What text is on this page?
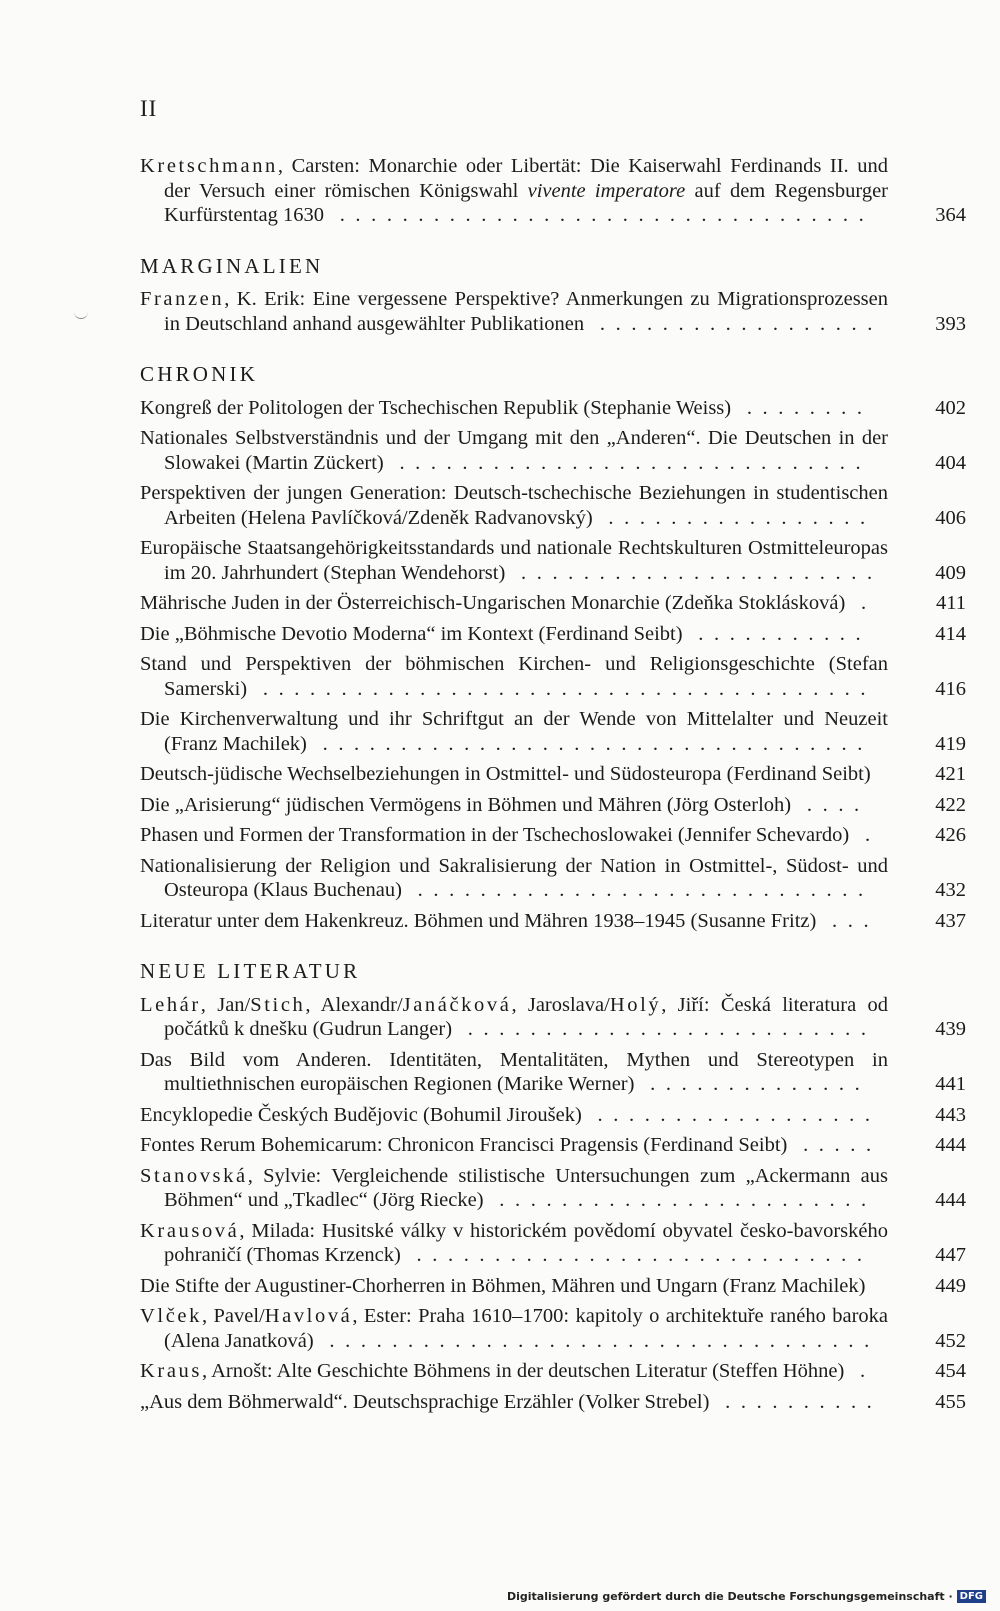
II
Kretschmann, Carsten: Monarchie oder Libertät: Die Kaiserwahl Ferdinands II. und der Versuch einer römischen Königswahl vivente imperatore auf dem Regensburger Kurfürstentag 1630 ..................................	364
MARGINALIEN
Franzen, K. Erik: Eine vergessene Perspektive? Anmerkungen zu Migrationsprozessen in Deutschland anhand ausgewählter Publikationen ..................	393
CHRONIK
Kongreß der Politologen der Tschechischen Republik (Stephanie Weiss) ........	402
Nationales Selbstverständnis und der Umgang mit den „Anderen“. Die Deutschen in der Slowakei (Martin Zückert) ..............................	404
Perspektiven der jungen Generation: Deutsch-tschechische Beziehungen in studentischen Arbeiten (Helena Pavlíčková/Zdeněk Radvanovský) .................	406
Europäische Staatsangehörigkeitsstandards und nationale Rechtskulturen Ostmitteleuropas im 20. Jahrhundert (Stephan Wendehorst) .......................	409
Mährische Juden in der Österreichisch-Ungarischen Monarchie (Zdeňka Stoklásková) .	411
Die „Böhmische Devotio Moderna“ im Kontext (Ferdinand Seibt) ...........	414
Stand und Perspektiven der böhmischen Kirchen- und Religionsgeschichte (Stefan Samerski) .......................................	416
Die Kirchenverwaltung und ihr Schriftgut an der Wende von Mittelalter und Neuzeit (Franz Machilek) ...................................	419
Deutsch-jüdische Wechselbeziehungen in Ostmittel- und Südosteuropa (Ferdinand Seibt)	421
Die „Arisierung“ jüdischen Vermögens in Böhmen und Mähren (Jörg Osterloh) ....	422
Phasen und Formen der Transformation in der Tschechoslowakei (Jennifer Schevardo) .	426
Nationalisierung der Religion und Sakralisierung der Nation in Ostmittel-, Südost- und Osteuropa (Klaus Buchenau) .............................	432
Literatur unter dem Hakenkreuz. Böhmen und Mähren 1938–1945 (Susanne Fritz) ...	437
NEUE LITERATUR
Lehár, Jan/Stich, Alexandr/Janáčková, Jaroslava/Holý, Jiří: Česká literatura od počátků k dnešku (Gudrun Langer) ..........................	439
Das Bild vom Anderen. Identitäten, Mentalitäten, Mythen und Stereotypen in multiethnischen europäischen Regionen (Marike Werner) ..............	441
Encyklopedie Českých Budějovic (Bohumil Jiroušek) ..................	443
Fontes Rerum Bohemicarum: Chronicon Francisci Pragensis (Ferdinand Seibt) .....	444
Stanovská, Sylvie: Vergleichende stilistische Untersuchungen zum „Ackermann aus Böhmen“ und „Tkadlec“ (Jörg Riecke) ........................	444
Krausová, Milada: Husitské války v historickém povědomí obyvatel česko-bavorského pohraničí (Thomas Krzenck) .............................	447
Die Stifte der Augustiner-Chorherren in Böhmen, Mähren und Ungarn (Franz Machilek)	449
Vlček, Pavel/Havlová, Ester: Praha 1610–1700: kapitoly o architektuře raného baroka (Alena Janatková) ...................................	452
Kraus, Arnošt: Alte Geschichte Böhmens in der deutschen Literatur (Steffen Höhne) .	454
„Aus dem Böhmerwald“. Deutschsprachige Erzähler (Volker Strebel) ..........	455
Digitalisierung gefördert durch die Deutsche Forschungsgemeinschaft · DFG
